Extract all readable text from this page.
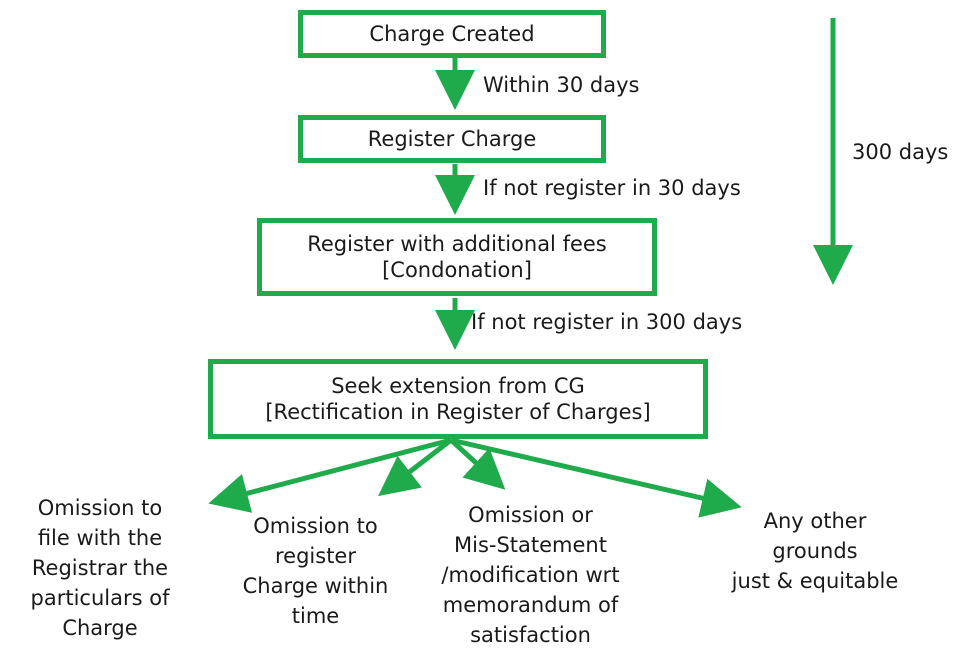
Charge Created
Within 30 days
Register Charge
If not register in 30 days
Register with additional fees
[Condonation]
If not register in 300 days
300 days
Seek extension from CG
[Rectification in Register of Charges]
Omission to
file with the
Registrar the
particulars of
Charge
Omission to
register
Charge within
time
Omission or
Mis-Statement
/modification wrt
memorandum of
satisfaction
Any other
grounds
just & equitable
